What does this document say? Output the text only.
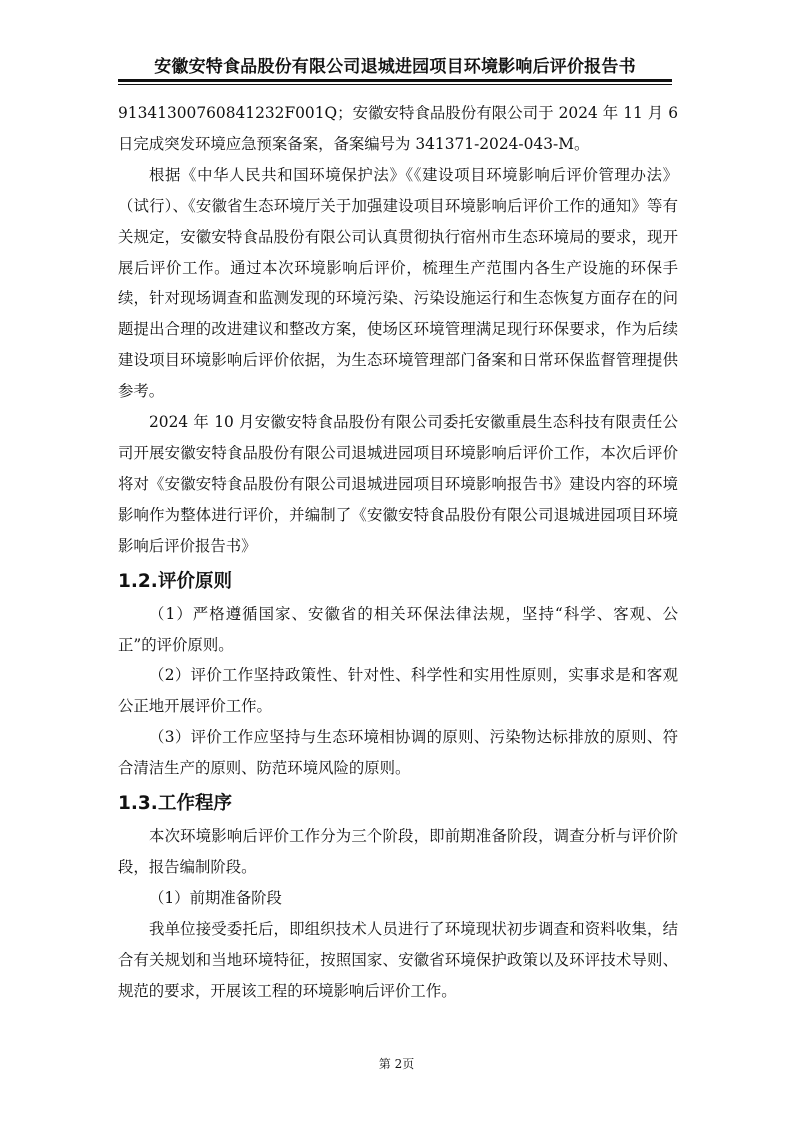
安徽安特食品股份有限公司退城进园项目环境影响后评价报告书

91341300760841232F001Q；安徽安特食品股份有限公司于 2024 年 11 月 6 日完成突发环境应急预案备案，备案编号为 341371-2024-043-M。

根据《中华人民共和国环境保护法》《《建设项目环境影响后评价管理办法》（试行）、《安徽省生态环境厅关于加强建设项目环境影响后评价工作的通知》等有关规定，安徽安特食品股份有限公司认真贯彻执行宿州市生态环境局的要求，现开展后评价工作。通过本次环境影响后评价，梳理生产范围内各生产设施的环保手续，针对现场调查和监测发现的环境污染、污染设施运行和生态恢复方面存在的问题提出合理的改进建议和整改方案，使场区环境管理满足现行环保要求，作为后续建设项目环境影响后评价依据，为生态环境管理部门备案和日常环保监督管理提供参考。

2024 年 10 月安徽安特食品股份有限公司委托安徽重晨生态科技有限责任公司开展安徽安特食品股份有限公司退城进园项目环境影响后评价工作，本次后评价将对《安徽安特食品股份有限公司退城进园项目环境影响报告书》建设内容的环境影响作为整体进行评价，并编制了《安徽安特食品股份有限公司退城进园项目环境影响后评价报告书》

1.2.评价原则

（1）严格遵循国家、安徽省的相关环保法律法规，坚持“科学、客观、公正”的评价原则。

（2）评价工作坚持政策性、针对性、科学性和实用性原则，实事求是和客观公正地开展评价工作。

（3）评价工作应坚持与生态环境相协调的原则、污染物达标排放的原则、符合清洁生产的原则、防范环境风险的原则。

1.3.工作程序

本次环境影响后评价工作分为三个阶段，即前期准备阶段，调查分析与评价阶段，报告编制阶段。

（1）前期准备阶段

我单位接受委托后，即组织技术人员进行了环境现状初步调查和资料收集，结合有关规划和当地环境特征，按照国家、安徽省环境保护政策以及环评技术导则、规范的要求，开展该工程的环境影响后评价工作。

第 2页
